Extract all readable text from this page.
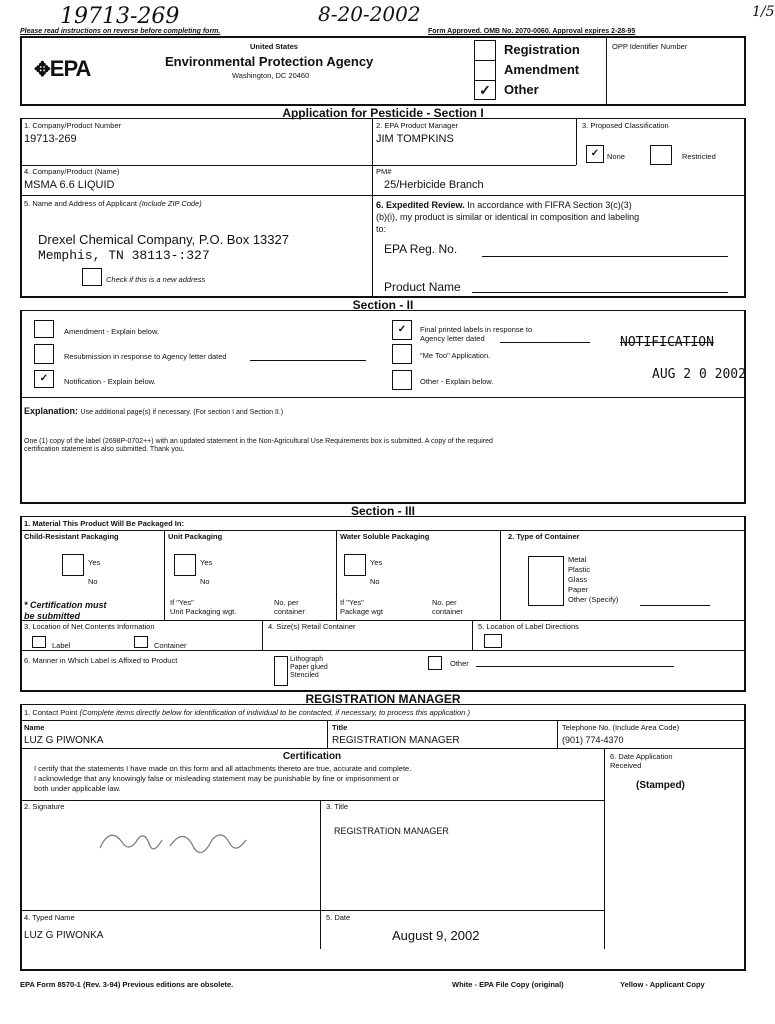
19713-269	8-20-2002	1/5
Please read instructions on reverse before completing form.	Form Approved. OMB No. 2070-0060. Approval expires 2-28-95
✥EPA
United States
Environmental Protection Agency
Washington, DC 20460
✓
Registration
Amendment
Other
OPP Identifier Number
Application for Pesticide - Section I
1. Company/Product Number
19713-269
2. EPA Product Manager
JIM TOMPKINS
3. Proposed Classification
✓	None	Restricted
4. Company/Product (Name)
MSMA 6.6 LIQUID
PM#
25/Herbicide Branch
5. Name and Address of Applicant (Include ZIP Code)
Drexel Chemical Company, P.O. Box 13327
Memphis, TN 38113-:327
Check if this is a new address
6. Expedited Review. In accordance with FIFRA Section 3(c)(3)
(b)(i), my product is similar or identical in composition and labeling
to:
EPA Reg. No.
Product Name
Section - II
Amendment - Explain below.
Resubmission in response to Agency letter dated
✓	Notification - Explain below.
✓	Final printed labels in response to
Agency letter dated
"Me Too" Application.
Other - Explain below.
NOTIFICATION
AUG 2 0 2002
Explanation: Use additional page(s) if necessary. (For section I and Section II.)
One (1) copy of the label (2698P-0702++) with an updated statement in the Non-Agricultural Use Requirements box is submitted. A copy of the required
certification statement is also submitted. Thank you.
Section - III
1. Material This Product Will Be Packaged In:
Child-Resistant Packaging	Unit Packaging	Water Soluble Packaging	2. Type of Container
Yes
No
Yes
No
Yes
No
Metal
Plastic
Glass
Paper
Other (Specify)
* Certification must
be submitted
If "Yes"
Unit Packaging wgt.
No. per
container
If "Yes"
Package wgt
No. per
container
3. Location of Net Contents Information
Label	Container
4. Size(s) Retail Container	5. Location of Label Directions
6. Manner in Which Label is Affixed to Product	Lithograph
Paper glued
Stenciled
Other
REGISTRATION MANAGER
1. Contact Point (Complete items directly below for identification of individual to be contacted, if necessary, to process this application.)
Name
LUZ G PIWONKA
Title
REGISTRATION MANAGER
Telephone No. (Include Area Code)
(901) 774-4370
Certification
I certify that the statements I have made on this form and all attachments thereto are true, accurate and complete.
I acknowledge that any knowingly false or misleading statement may be punishable by fine or imprisonment or
both under applicable law.
6. Date Application
Received
(Stamped)
2. Signature	3. Title
REGISTRATION MANAGER
4. Typed Name
LUZ G PIWONKA
5. Date
August 9, 2002
EPA Form 8570-1 (Rev. 3-94) Previous editions are obsolete.	White - EPA File Copy (original)	Yellow - Applicant Copy
